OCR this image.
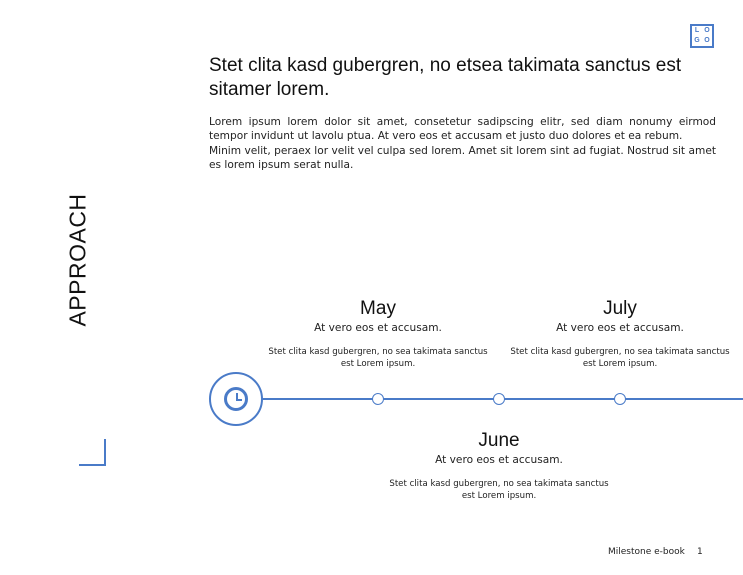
L O
G O
Stet clita kasd gubergren, no etsea takimata sanctus est sitamer lorem.

Lorem ipsum lorem dolor sit amet, consetetur sadipscing elitr, sed diam nonumy eirmod tempor invidunt ut lavolu ptua. At vero eos et accusam et justo duo dolores et ea rebum.

Minim velit, peraex lor velit vel culpa sed lorem. Amet sit lorem sint ad fugiat. Nostrud sit amet es lorem ipsum serat nulla.

APPROACH	May

At vero eos et accusam.

Stet clita kasd gubergren, no sea takimata sanctus est Lorem ipsum.

July

At vero eos et accusam.

Stet clita kasd gubergren, no sea takimata sanctus est Lorem ipsum.

June

At vero eos et accusam.

Stet clita kasd gubergren, no sea takimata sanctus est Lorem ipsum.

Milestone e-book 1
